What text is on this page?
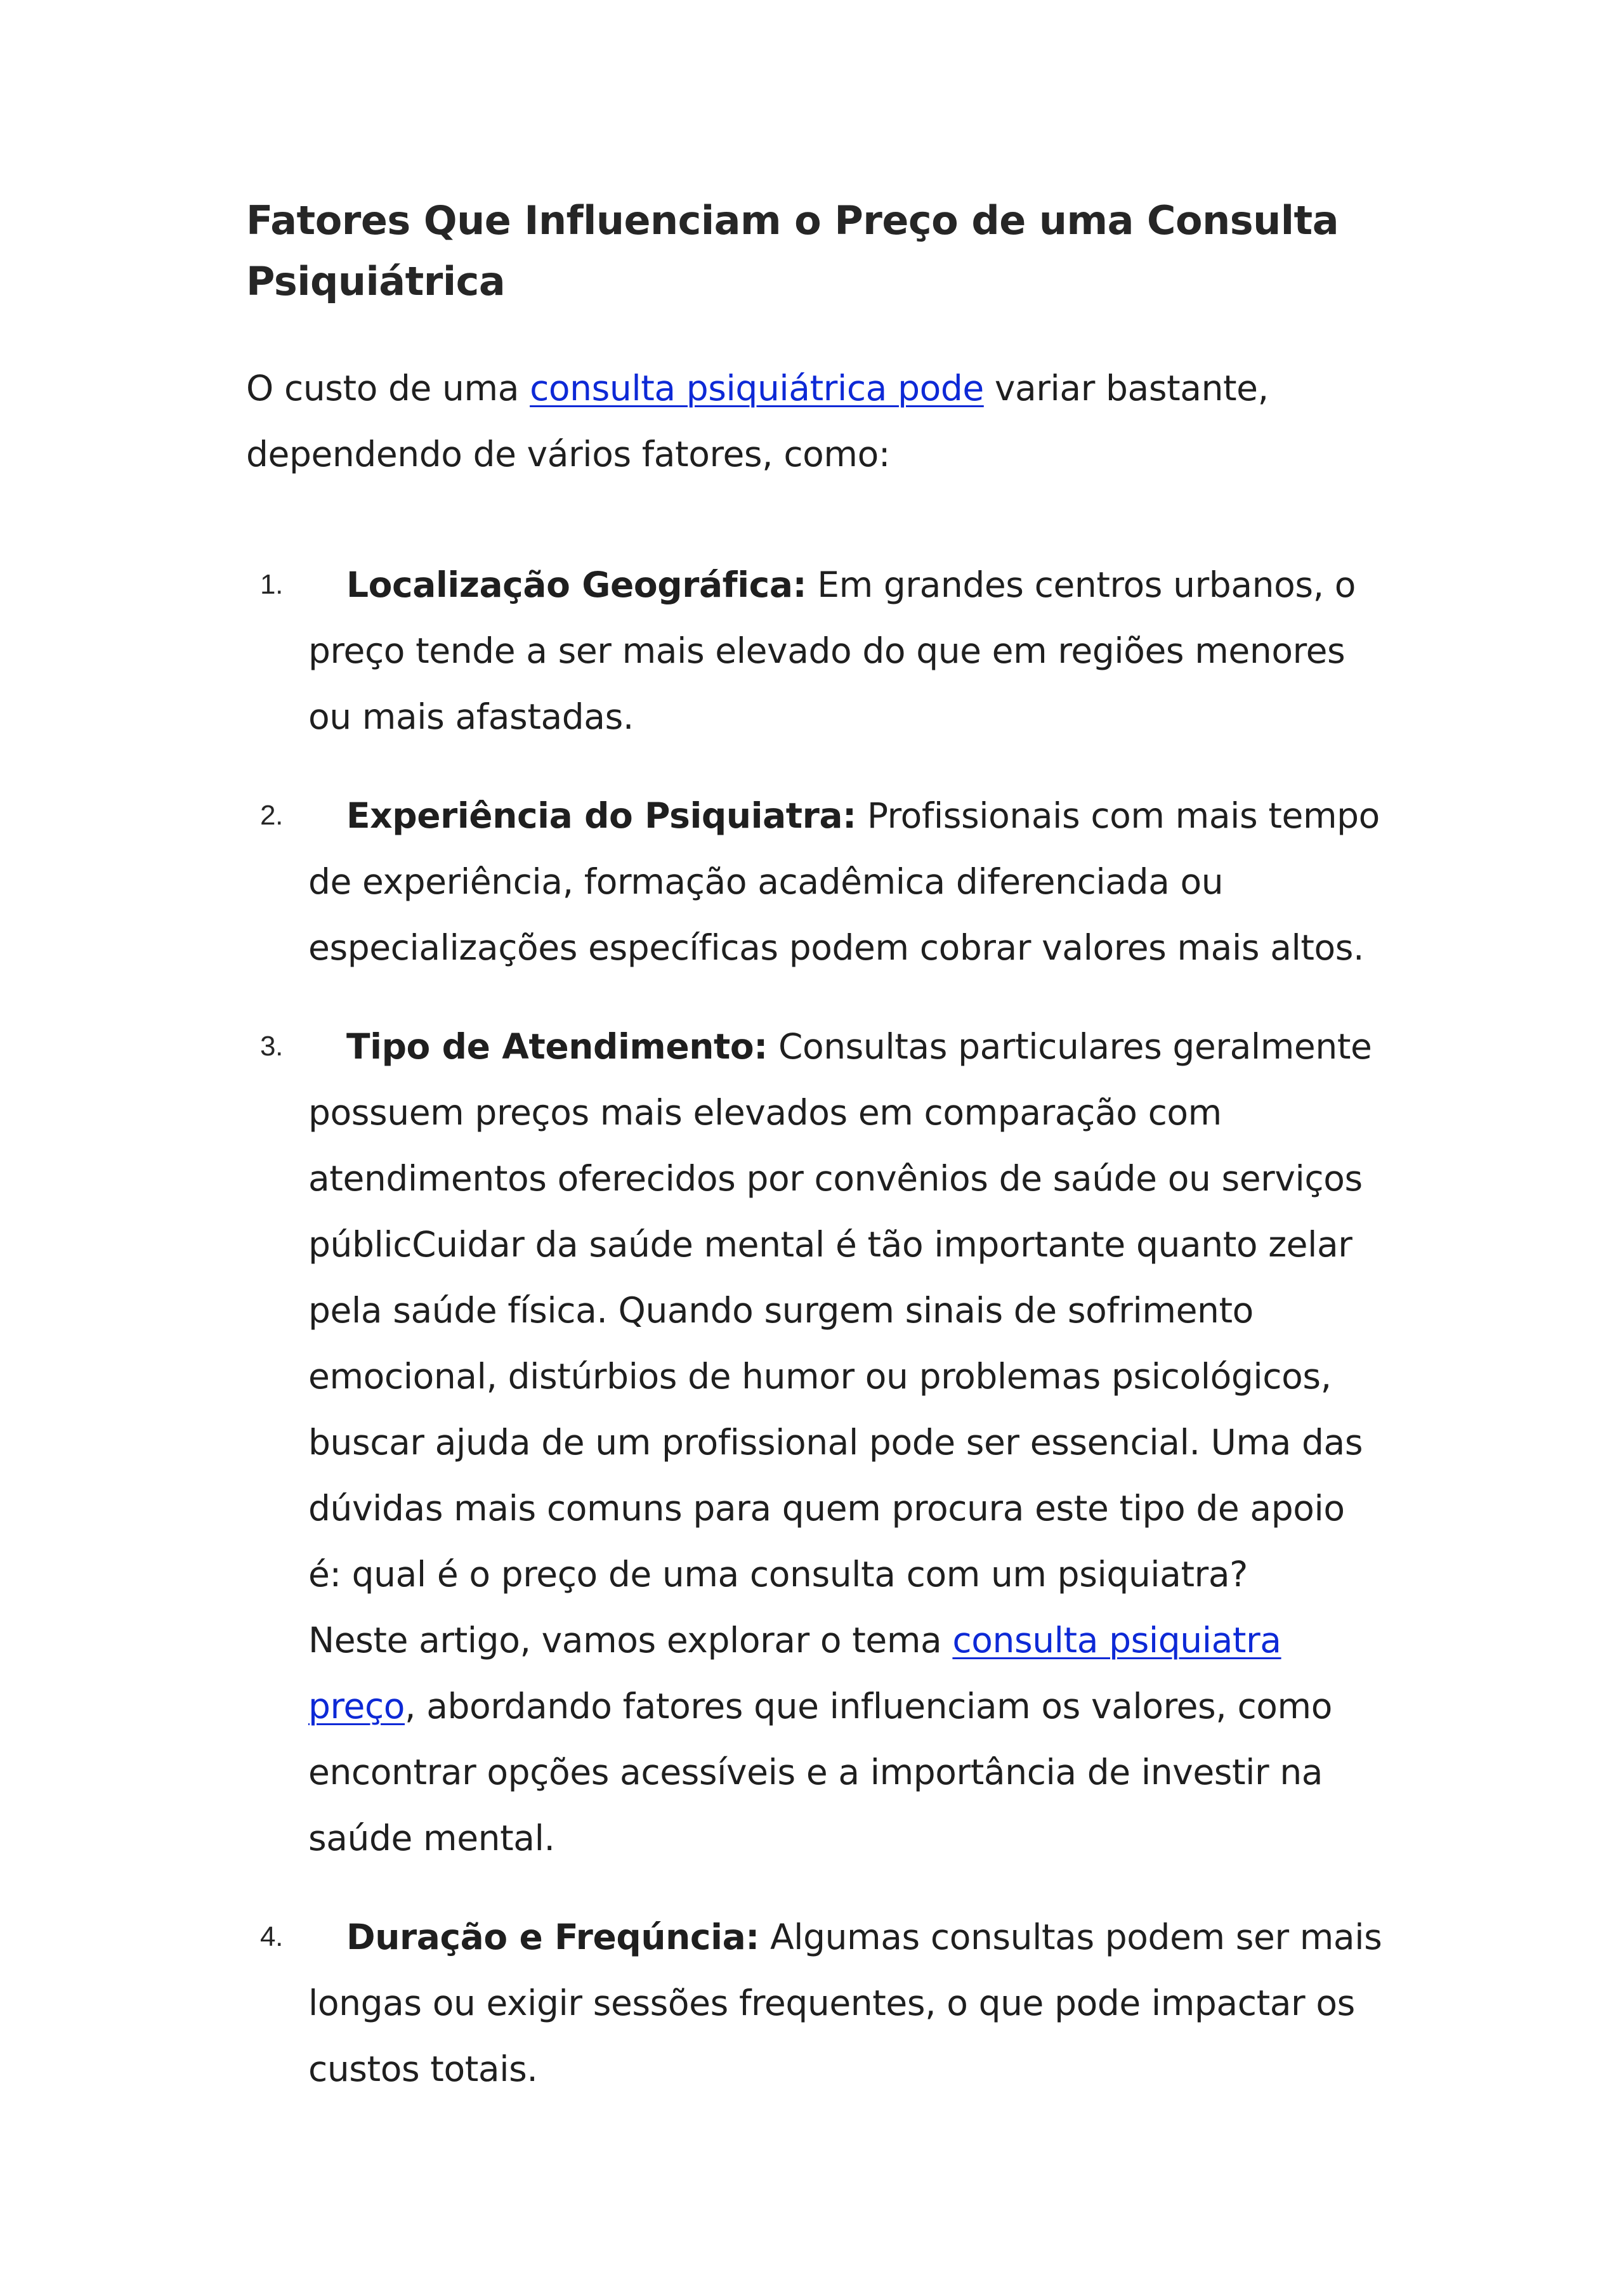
Fatores Que Influenciam o Preço de uma Consulta Psiquiátrica

O custo de uma consulta psiquiátrica pode variar bastante, dependendo de vários fatores, como:

1. Localização Geográfica: Em grandes centros urbanos, o preço tende a ser mais elevado do que em regiões menores ou mais afastadas.
2. Experiência do Psiquiatra: Profissionais com mais tempo de experiência, formação acadêmica diferenciada ou especializações específicas podem cobrar valores mais altos.
3. Tipo de Atendimento: Consultas particulares geralmente possuem preços mais elevados em comparação com atendimentos oferecidos por convênios de saúde ou serviços públicCuidar da saúde mental é tão importante quanto zelar pela saúde física. Quando surgem sinais de sofrimento emocional, distúrbios de humor ou problemas psicológicos, buscar ajuda de um profissional pode ser essencial. Uma das dúvidas mais comuns para quem procura este tipo de apoio é: qual é o preço de uma consulta com um psiquiatra?
Neste artigo, vamos explorar o tema consulta psiquiatra preço, abordando fatores que influenciam os valores, como encontrar opções acessíveis e a importância de investir na saúde mental.
4. Duração e Freqúncia: Algumas consultas podem ser mais longas ou exigir sessões frequentes, o que pode impactar os custos totais.
